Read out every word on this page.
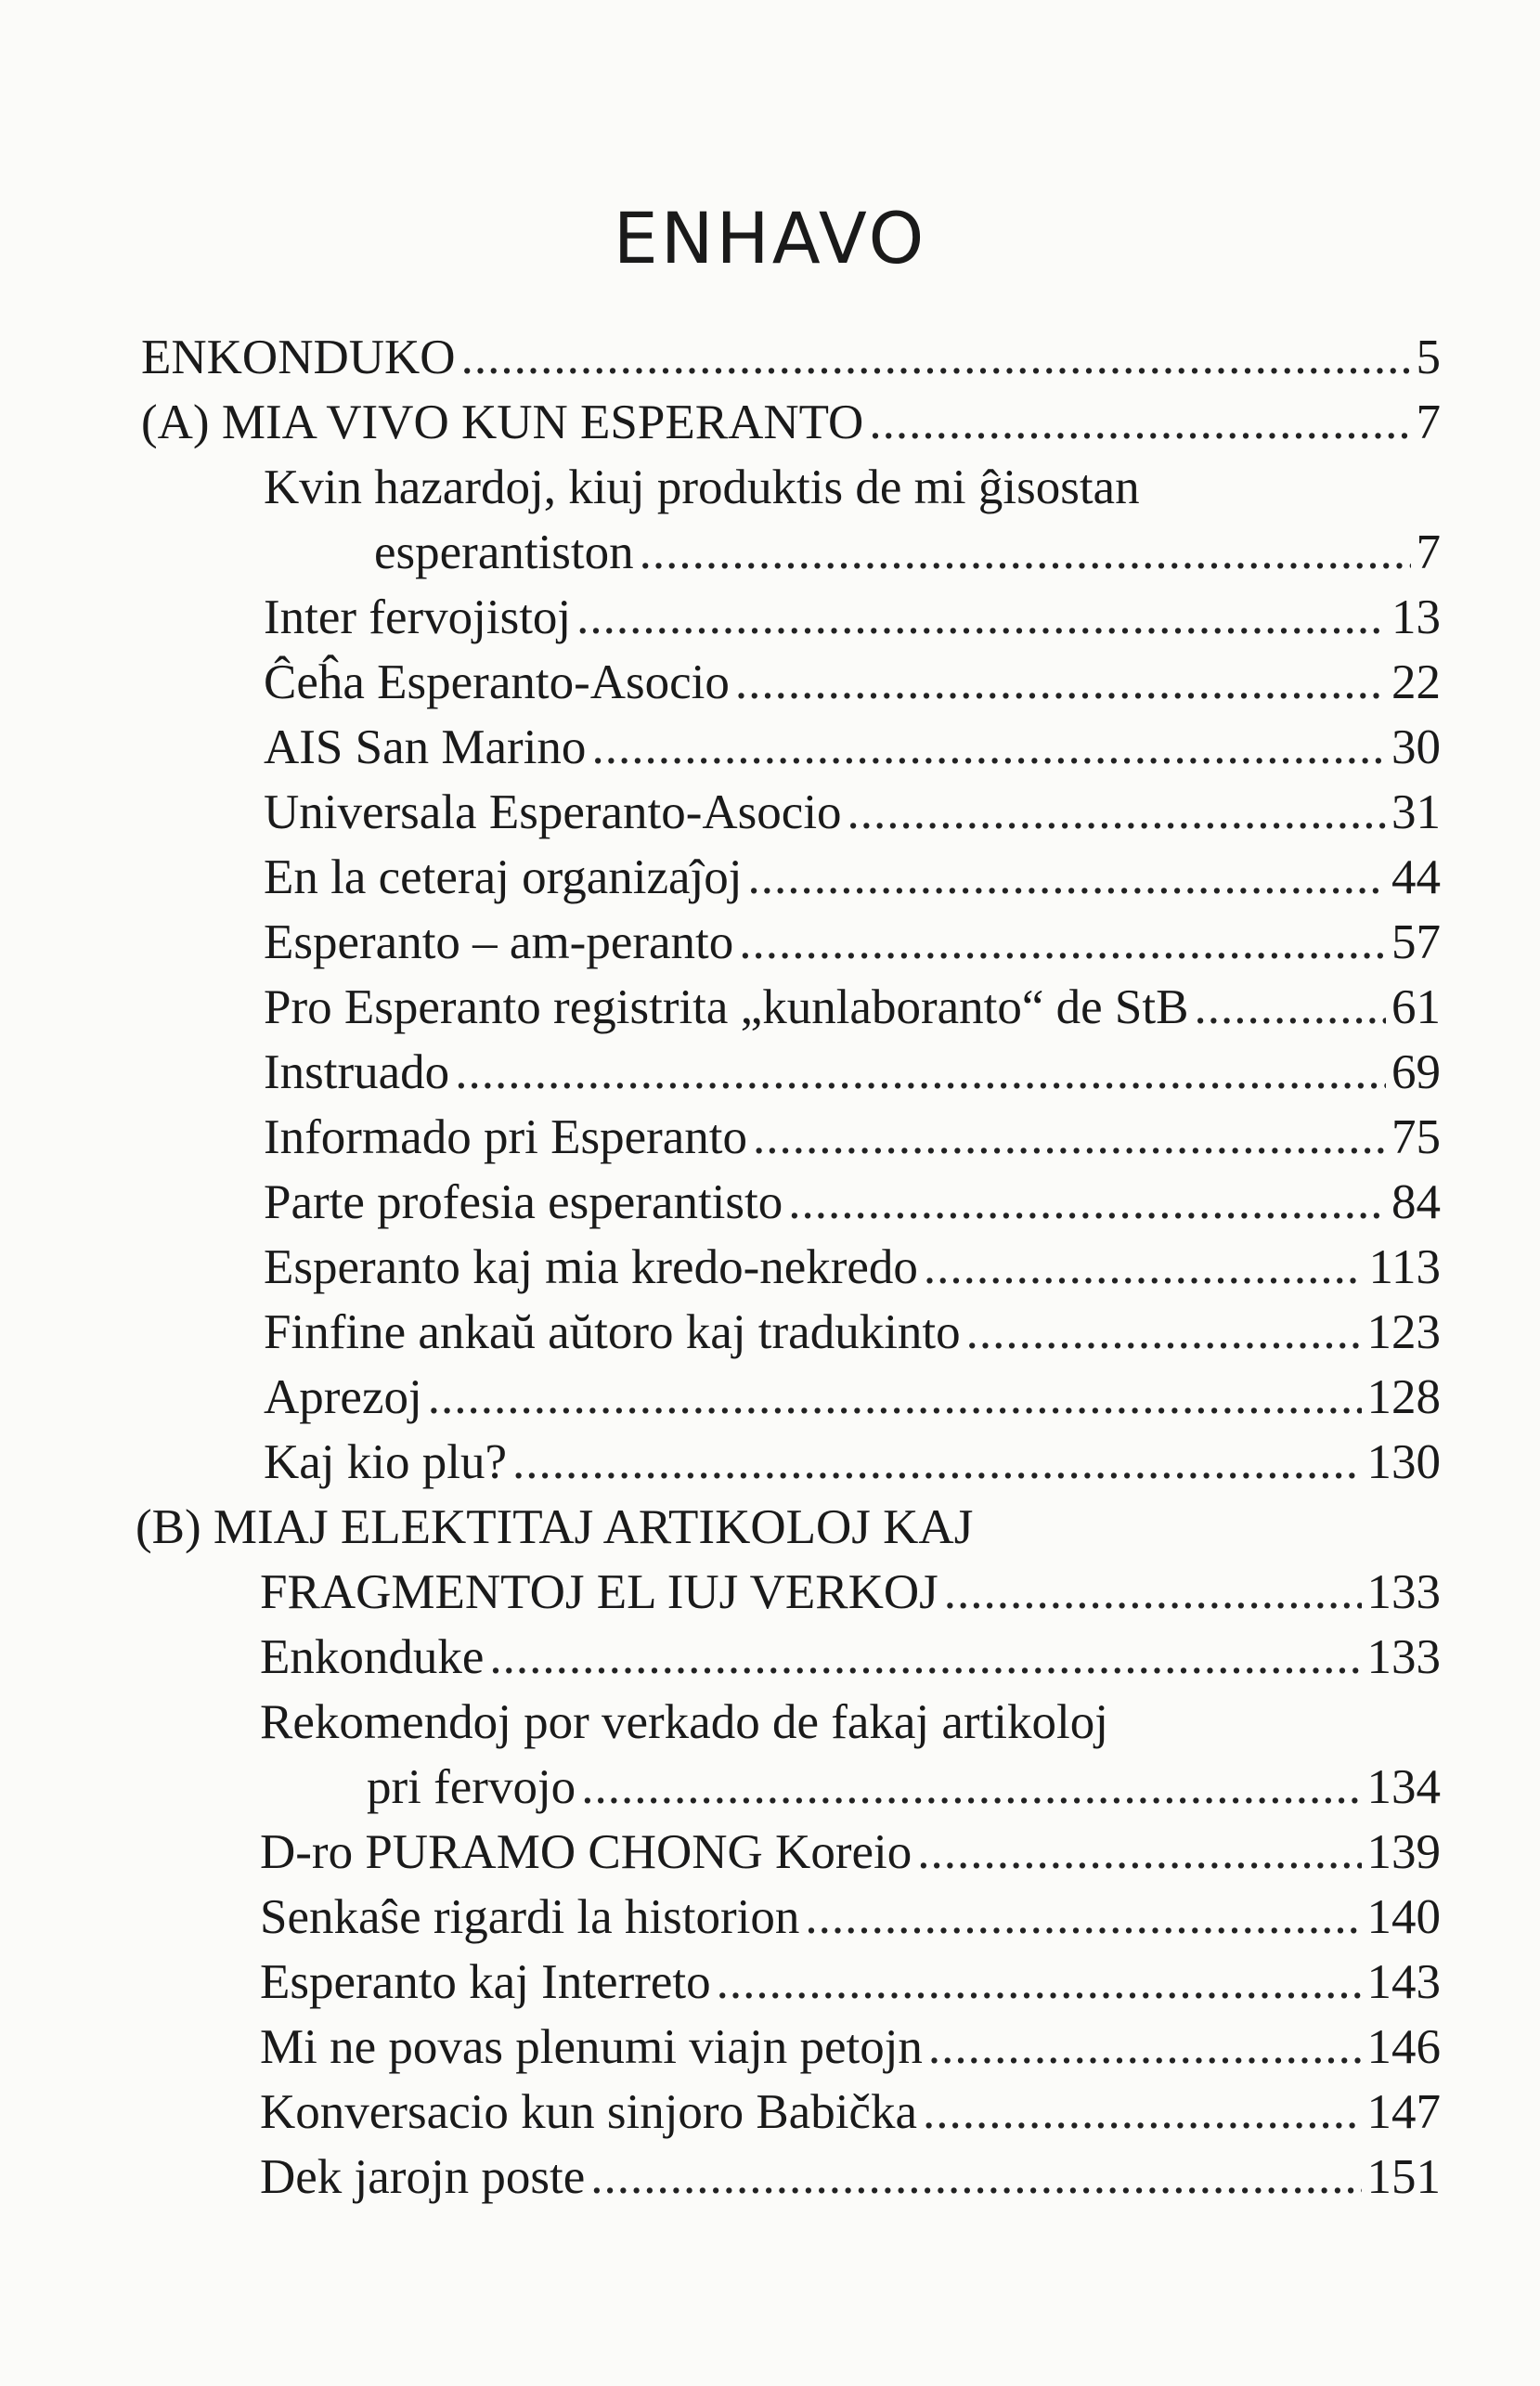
ENHAVO
ENKONDUKO .....	5
(A) MIA VIVO KUN ESPERANTO .....	7
Kvin hazardoj, kiuj produktis de mi ĝisostan
esperantiston .....	7
Inter fervojistoj .....	13
Ĉeĥa Esperanto-Asocio .....	22
AIS San Marino .....	30
Universala Esperanto-Asocio .....	31
En la ceteraj organizaĵoj .....	44
Esperanto – am-peranto .....	57
Pro Esperanto registrita „kunlaboranto“ de StB .....	61
Instruado .....	69
Informado pri Esperanto .....	75
Parte profesia esperantisto .....	84
Esperanto kaj mia kredo-nekredo .....	113
Finfine ankaŭ aŭtoro kaj tradukinto .....	123
Aprezoj .....	128
Kaj kio plu? .....	130
(B) MIAJ ELEKTITAJ ARTIKOLOJ KAJ
FRAGMENTOJ EL IUJ VERKOJ .....	133
Enkonduke .....	133
Rekomendoj por verkado de fakaj artikoloj
pri fervojo .....	134
D-ro PURAMO CHONG Koreio .....	139
Senkaŝe rigardi la historion .....	140
Esperanto kaj Interreto .....	143
Mi ne povas plenumi viajn petojn .....	146
Konversacio kun sinjoro Babička .....	147
Dek jarojn poste .....	151
